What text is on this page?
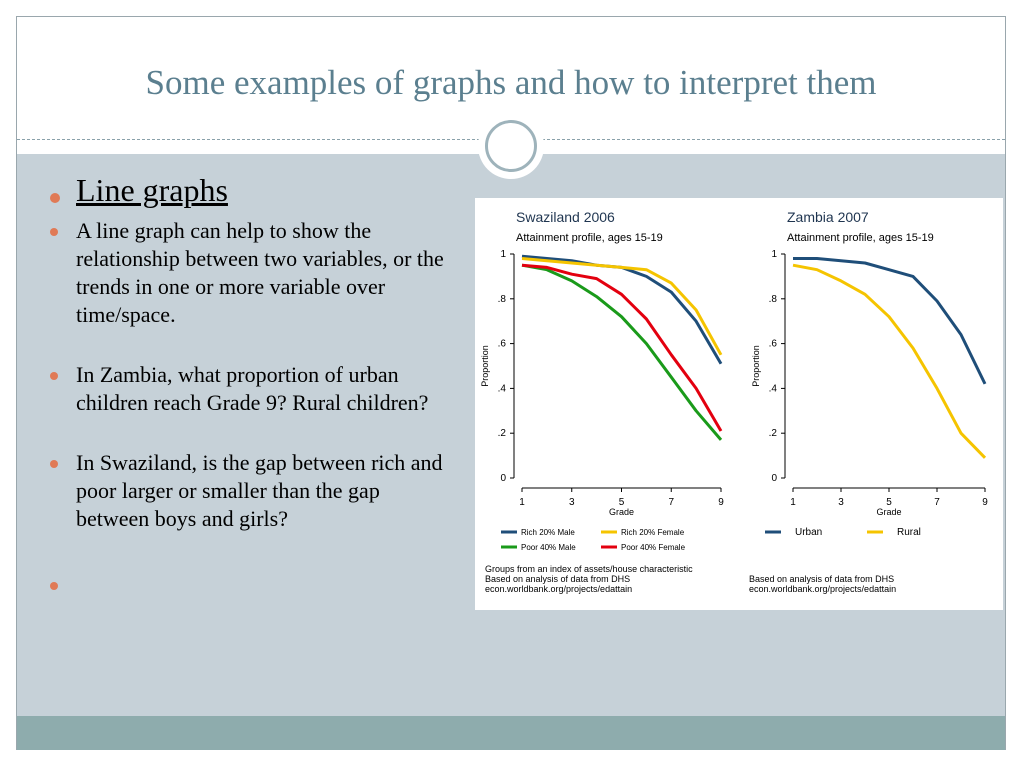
Some examples of graphs and how to interpret them
Line graphs
A line graph can help to show the relationship between two variables, or the trends in one or more variable over time/space.
In Zambia, what proportion of urban children reach Grade 9? Rural children?
In Swaziland, is the gap between rich and poor larger or smaller than the gap between boys and girls?
Swaziland 2006
Attainment profile, ages 15-19
0
.2
.4
.6
.8
1
Proportion
1	3	5	7	9
Grade
Rich 20% Male	Rich 20% Female
Poor 40% Male	Poor 40% Female
Groups from an index of assets/house characteristic
Based on analysis of data from DHS
econ.worldbank.org/projects/edattain
Zambia 2007
Attainment profile, ages 15-19
0
.2
.4
.6
.8
1
Proportion
1	3	5	7	9
Grade
Urban	Rural
Based on analysis of data from DHS
econ.worldbank.org/projects/edattain
